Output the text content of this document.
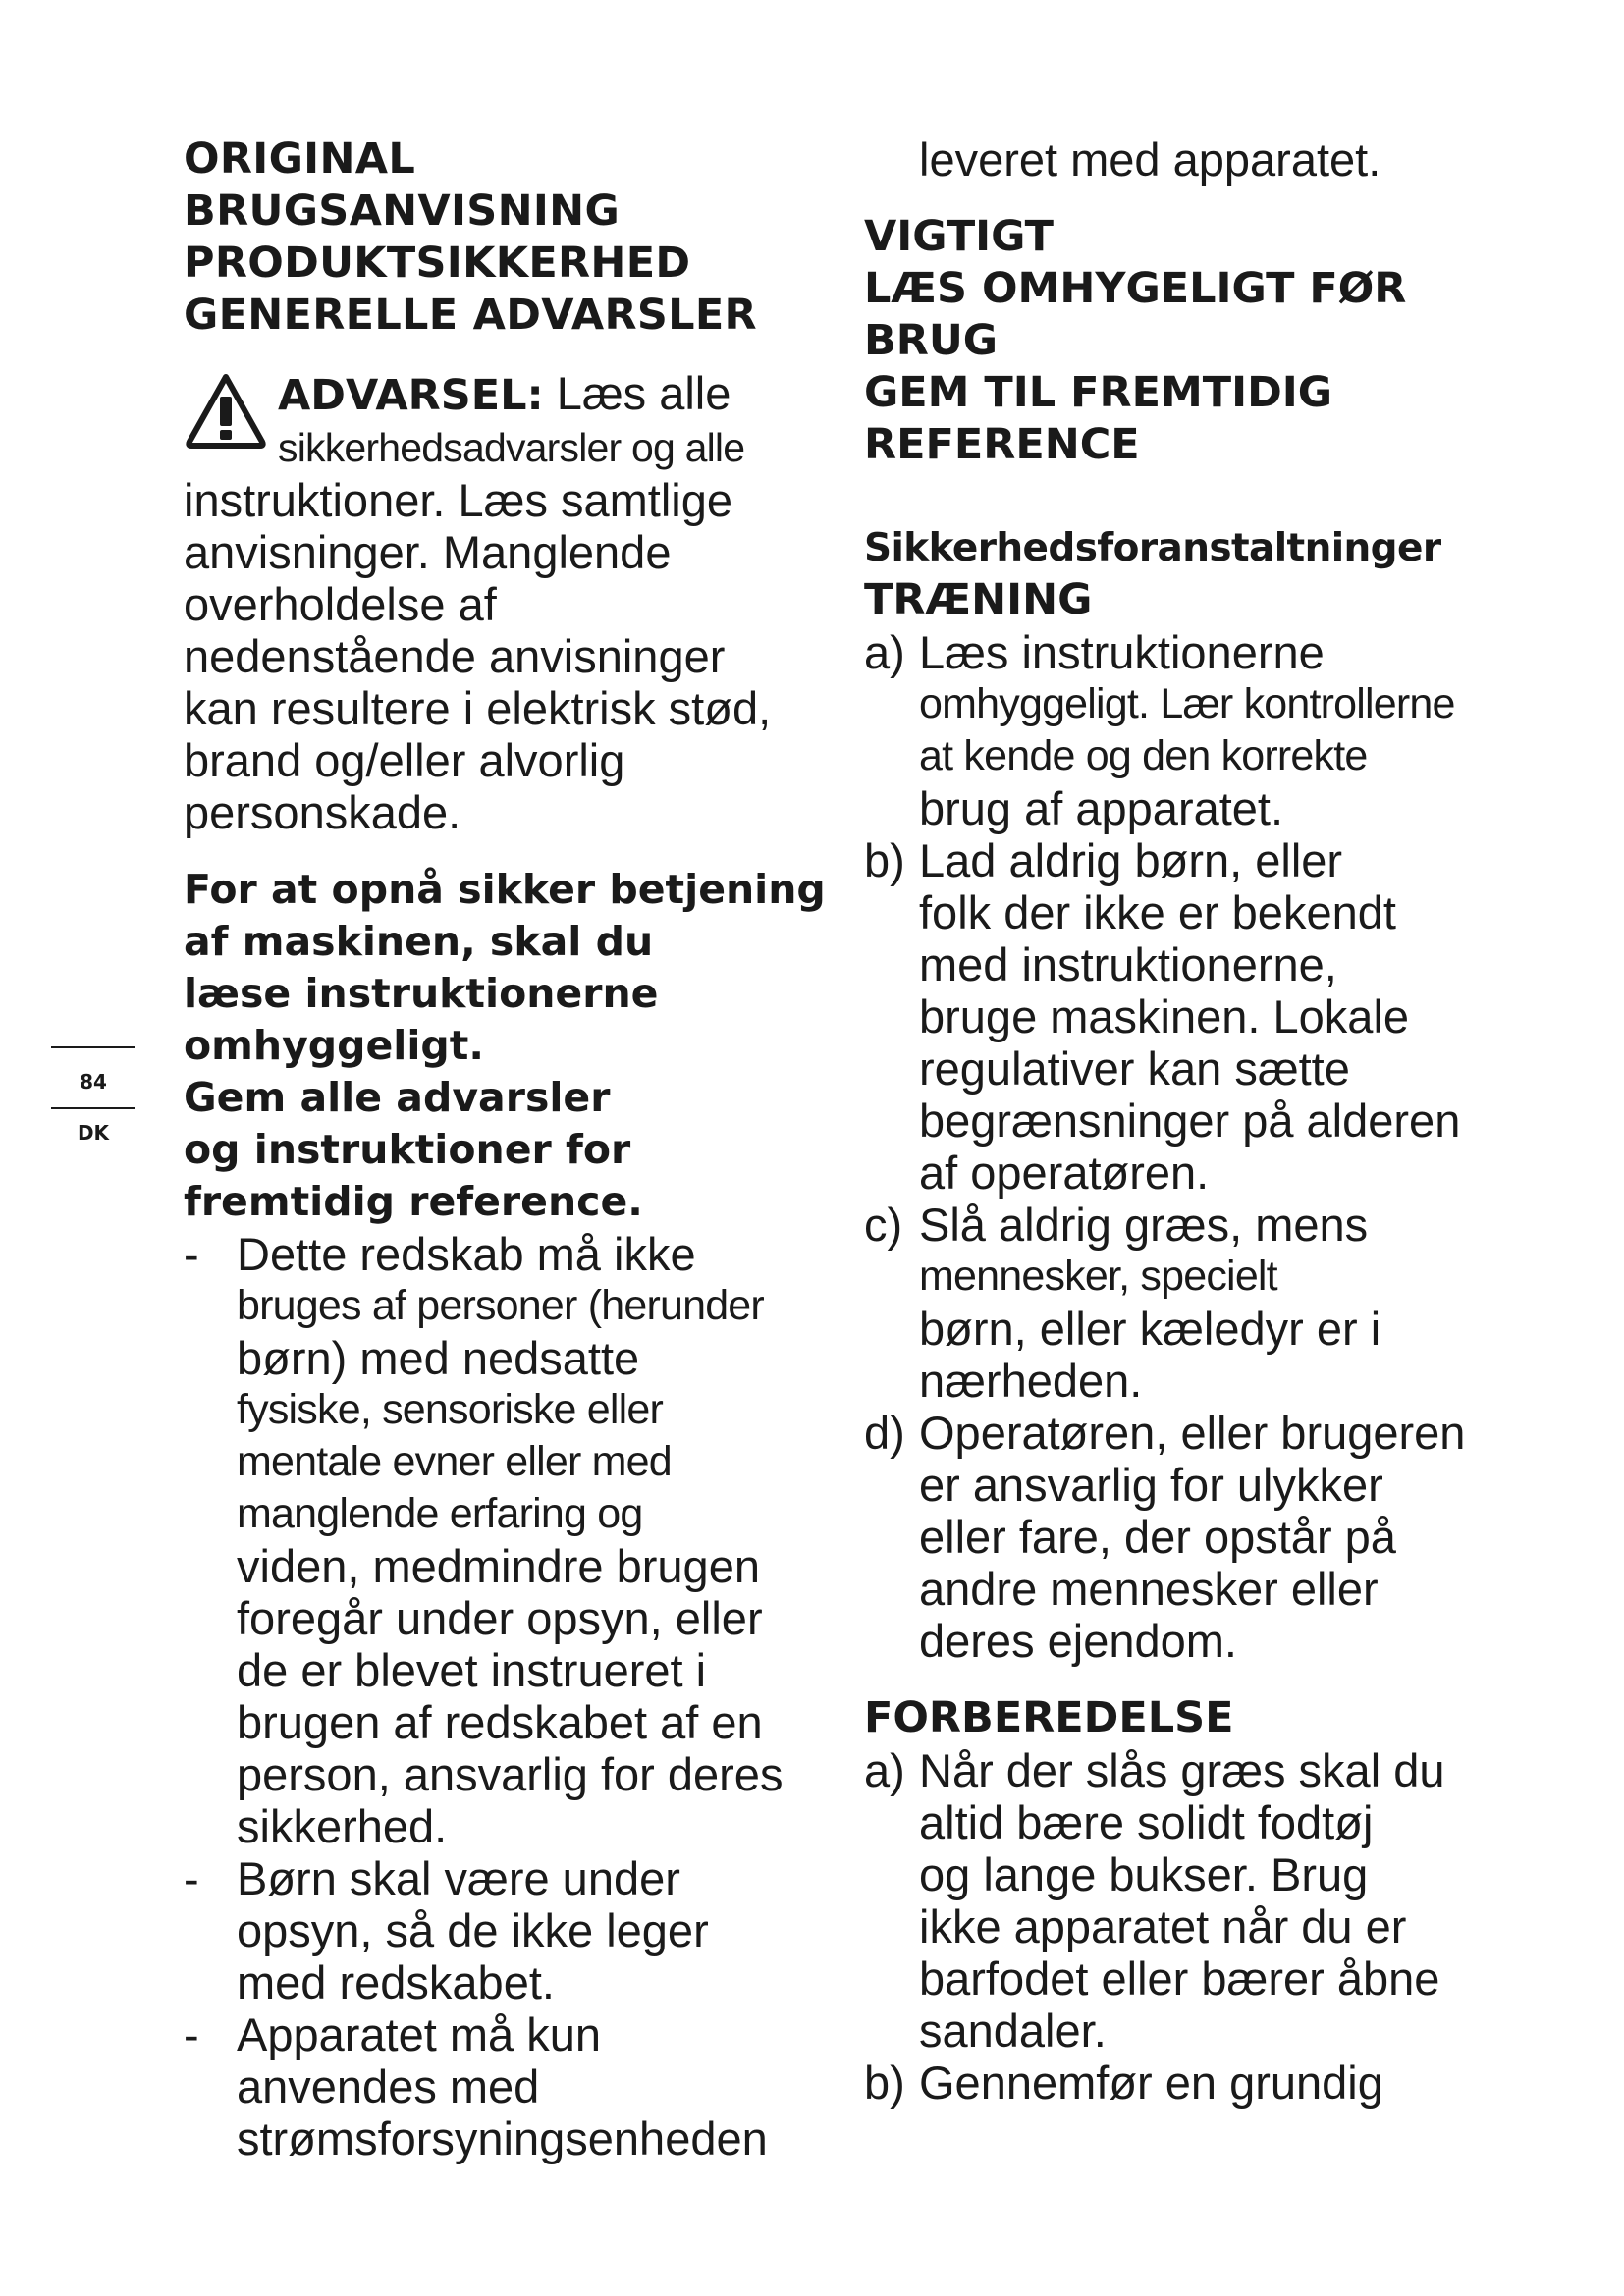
ORIGINAL
BRUGSANVISNING
PRODUKTSIKKERHED
GENERELLE ADVARSLER
ADVARSEL: Læs alle
sikkerhedsadvarsler og alle
instruktioner. Læs samtlige
anvisninger. Manglende
overholdelse af
nedenstående anvisninger
kan resultere i elektrisk stød,
brand og/eller alvorlig
personskade.
For at opnå sikker betjening
af maskinen, skal du
læse instruktionerne
omhyggeligt.
Gem alle advarsler
og instruktioner for
fremtidig reference.
- Dette redskab må ikke
bruges af personer (herunder
børn) med nedsatte
fysiske, sensoriske eller
mentale evner eller med
manglende erfaring og
viden, medmindre brugen
foregår under opsyn, eller
de er blevet instrueret i
brugen af redskabet af en
person, ansvarlig for deres
sikkerhed.
- Børn skal være under
opsyn, så de ikke leger
med redskabet.
- Apparatet må kun
anvendes med
strømsforsyningsenheden
leveret med apparatet.
VIGTIGT
LÆS OMHYGELIGT FØR
BRUG
GEM TIL FREMTIDIG
REFERENCE
Sikkerhedsforanstaltninger
TRÆNING
a) Læs instruktionerne
omhyggeligt. Lær kontrollerne
at kende og den korrekte
brug af apparatet.
b) Lad aldrig børn, eller
folk der ikke er bekendt
med instruktionerne,
bruge maskinen. Lokale
regulativer kan sætte
begrænsninger på alderen
af operatøren.
c) Slå aldrig græs, mens
mennesker, specielt
børn, eller kæledyr er i
nærheden.
d) Operatøren, eller brugeren
er ansvarlig for ulykker
eller fare, der opstår på
andre mennesker eller
deres ejendom.
FORBEREDELSE
a) Når der slås græs skal du
altid bære solidt fodtøj
og lange bukser. Brug
ikke apparatet når du er
barfodet eller bærer åbne
sandaler.
b) Gennemfør en grundig
84
DK
